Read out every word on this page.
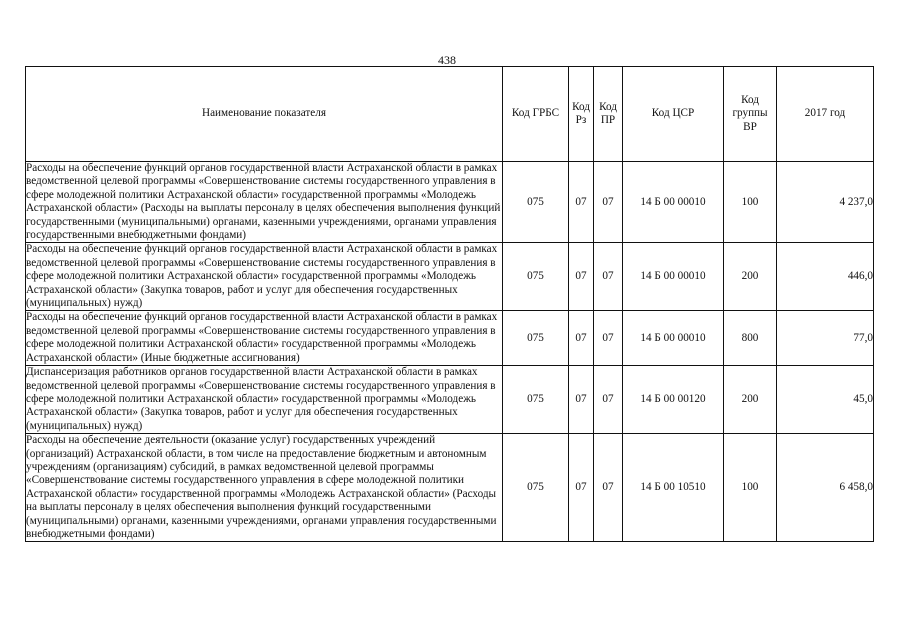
438
Наименование показателя	Код ГРБС	Код Рз	Код ПР	Код ЦСР	Код группы ВР	2017 год
Расходы на обеспечение функций органов государственной власти Астраханской области в рамках ведомственной целевой программы «Совершенствование системы государственного управления в сфере молодежной политики Астраханской области» государственной программы «Молодежь Астраханской области» (Расходы на выплаты персоналу в целях обеспечения выполнения функций государственными (муниципальными) органами, казенными учреждениями, органами управления государственными внебюджетными фондами)	075	07	07	14 Б 00 00010	100	4 237,0
Расходы на обеспечение функций органов государственной власти Астраханской области в рамках ведомственной целевой программы «Совершенствование системы государственного управления в сфере молодежной политики Астраханской области» государственной программы «Молодежь Астраханской области» (Закупка товаров, работ и услуг для обеспечения государственных (муниципальных) нужд)	075	07	07	14 Б 00 00010	200	446,0
Расходы на обеспечение функций органов государственной власти Астраханской области в рамках ведомственной целевой программы «Совершенствование системы государственного управления в сфере молодежной политики Астраханской области» государственной программы «Молодежь Астраханской области» (Иные бюджетные ассигнования)	075	07	07	14 Б 00 00010	800	77,0
Диспансеризация работников органов государственной власти Астраханской области в рамках ведомственной целевой программы «Совершенствование системы государственного управления в сфере молодежной политики Астраханской области» государственной программы «Молодежь Астраханской области» (Закупка товаров, работ и услуг для обеспечения государственных (муниципальных) нужд)	075	07	07	14 Б 00 00120	200	45,0
Расходы на обеспечение деятельности (оказание услуг) государственных учреждений (организаций) Астраханской области, в том числе на предоставление бюджетным и автономным учреждениям (организациям) субсидий, в рамках ведомственной целевой программы «Совершенствование системы государственного управления в сфере молодежной политики Астраханской области» государственной программы «Молодежь Астраханской области» (Расходы на выплаты персоналу в целях обеспечения выполнения функций государственными (муниципальными) органами, казенными учреждениями, органами управления государственными внебюджетными фондами)	075	07	07	14 Б 00 10510	100	6 458,0
